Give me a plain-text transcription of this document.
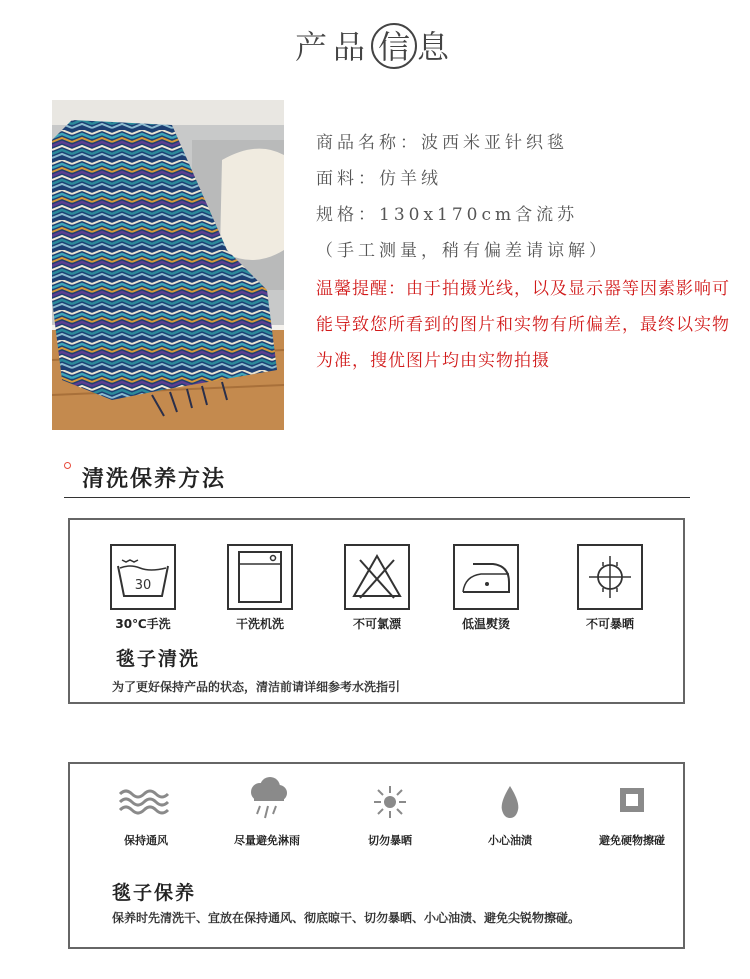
产品 信 息
商品名称：波西米亚针织毯
面料：仿羊绒
规格：130x170cm含流苏
（手工测量，稍有偏差请谅解）
温馨提醒：由于拍摄光线，以及显示器等因素影响可能导致您所看到的图片和实物有所偏差，最终以实物为准，搜优图片均由实物拍摄
清洗保养方法
30
30℃手洗	干洗机洗	不可氯漂	低温熨烫	不可暴晒
毯子清洗
为了更好保持产品的状态，清洁前请详细参考水洗指引
保持通风	尽量避免淋雨	切勿暴晒	小心油渍	避免硬物擦碰
毯子保养
保养时先清洗干、宜放在保持通风、彻底晾干、切勿暴晒、小心油渍、避免尖锐物擦碰。
